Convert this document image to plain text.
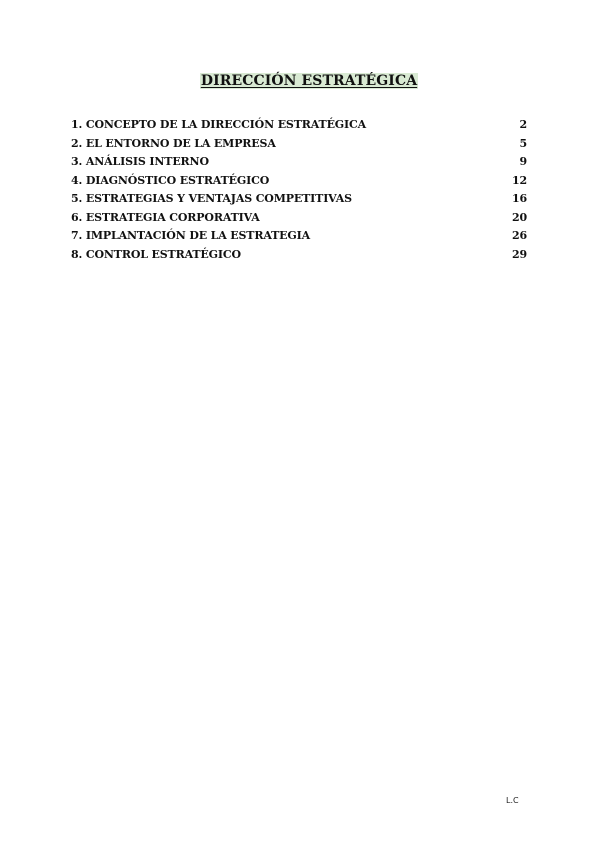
DIRECCIÓN ESTRATÉGICA
1. CONCEPTO DE LA DIRECCIÓN ESTRATÉGICA	2
2. EL ENTORNO DE LA EMPRESA	5
3. ANÁLISIS INTERNO	9
4. DIAGNÓSTICO ESTRATÉGICO	12
5. ESTRATEGIAS Y VENTAJAS COMPETITIVAS	16
6. ESTRATEGIA CORPORATIVA	20
7. IMPLANTACIÓN DE LA ESTRATEGIA	26
8. CONTROL ESTRATÉGICO	29
L.C
